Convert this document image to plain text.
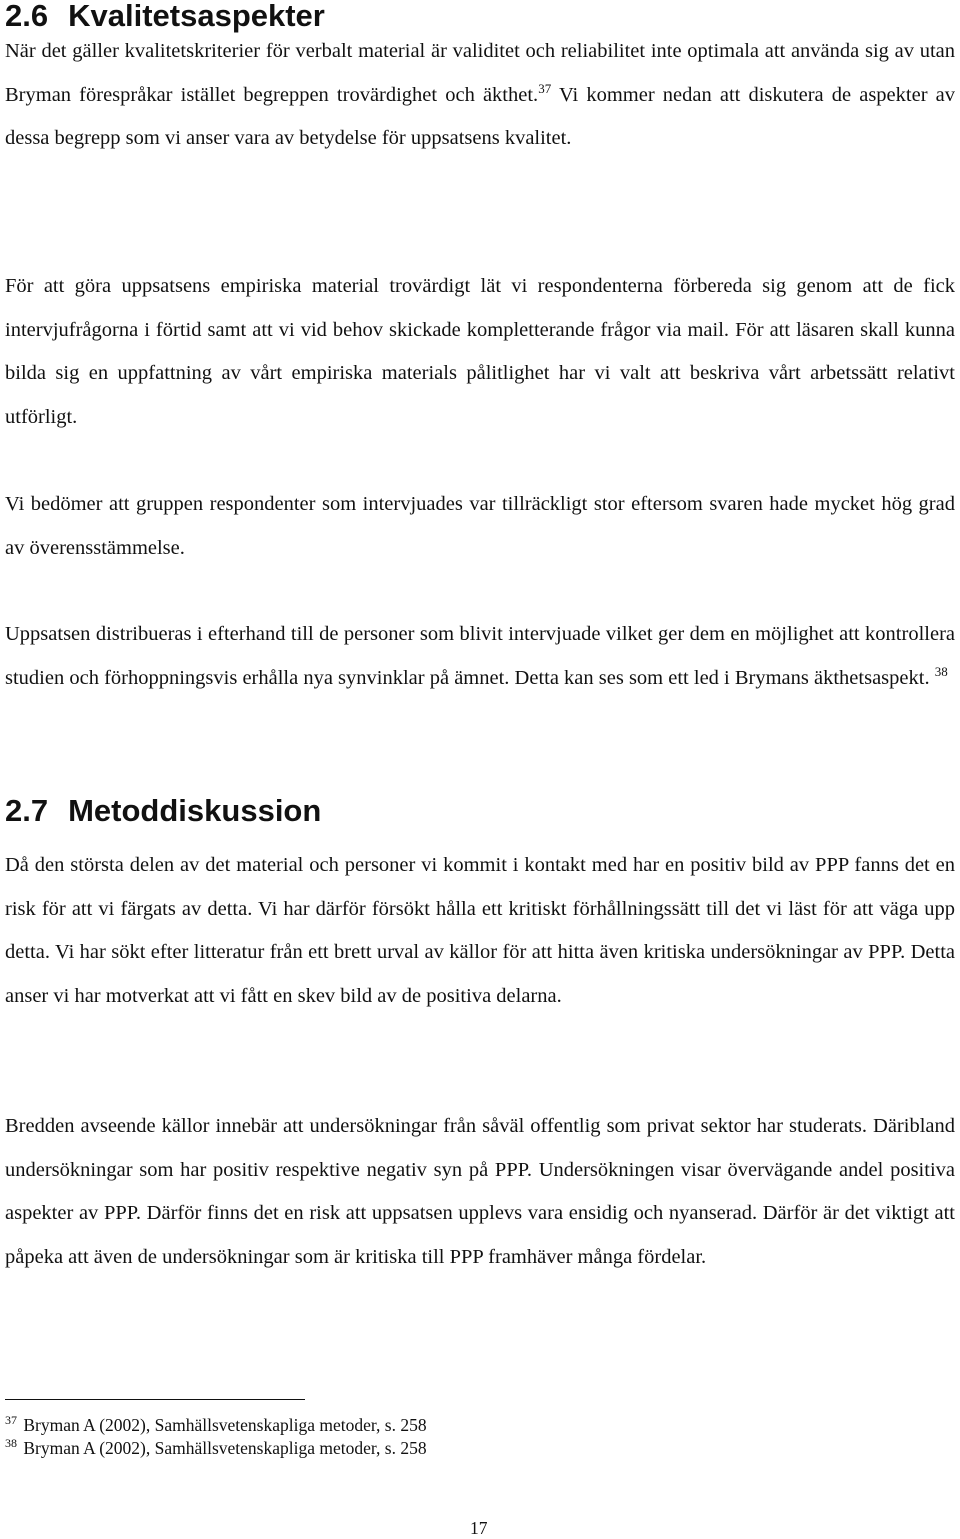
2.6 Kvalitetsaspekter

När det gäller kvalitetskriterier för verbalt material är validitet och reliabilitet inte optimala att använda sig av utan Bryman förespråkar istället begreppen trovärdighet och äkthet.$^{37}$ Vi kommer nedan att diskutera de aspekter av dessa begrepp som vi anser vara av betydelse för uppsatsens kvalitet.

För att göra uppsatsens empiriska material trovärdigt lät vi respondenterna förbereda sig genom att de fick intervjufrågorna i förtid samt att vi vid behov skickade kompletterande frågor via mail. För att läsaren skall kunna bilda sig en uppfattning av vårt empiriska materials pålitlighet har vi valt att beskriva vårt arbetssätt relativt utförligt.

Vi bedömer att gruppen respondenter som intervjuades var tillräckligt stor eftersom svaren hade mycket hög grad av överensstämmelse.

Uppsatsen distribueras i efterhand till de personer som blivit intervjuade vilket ger dem en möjlighet att kontrollera studien och förhoppningsvis erhålla nya synvinklar på ämnet. Detta kan ses som ett led i Brymans äkthetsaspekt. $^{38}$

2.7 Metoddiskussion

Då den största delen av det material och personer vi kommit i kontakt med har en positiv bild av PPP fanns det en risk för att vi färgats av detta. Vi har därför försökt hålla ett kritiskt förhållningssätt till det vi läst för att väga upp detta. Vi har sökt efter litteratur från ett brett urval av källor för att hitta även kritiska undersökningar av PPP. Detta anser vi har motverkat att vi fått en skev bild av de positiva delarna.

Bredden avseende källor innebär att undersökningar från såväl offentlig som privat sektor har studerats. Däribland undersökningar som har positiv respektive negativ syn på PPP. Undersökningen visar övervägande andel positiva aspekter av PPP. Därför finns det en risk att uppsatsen upplevs vara ensidig och nyanserad. Därför är det viktigt att påpeka att även de undersökningar som är kritiska till PPP framhäver många fördelar.

$^{37}$ Bryman A (2002), Samhällsvetenskapliga metoder, s. 258
$^{38}$ Bryman A (2002), Samhällsvetenskapliga metoder, s. 258
17
